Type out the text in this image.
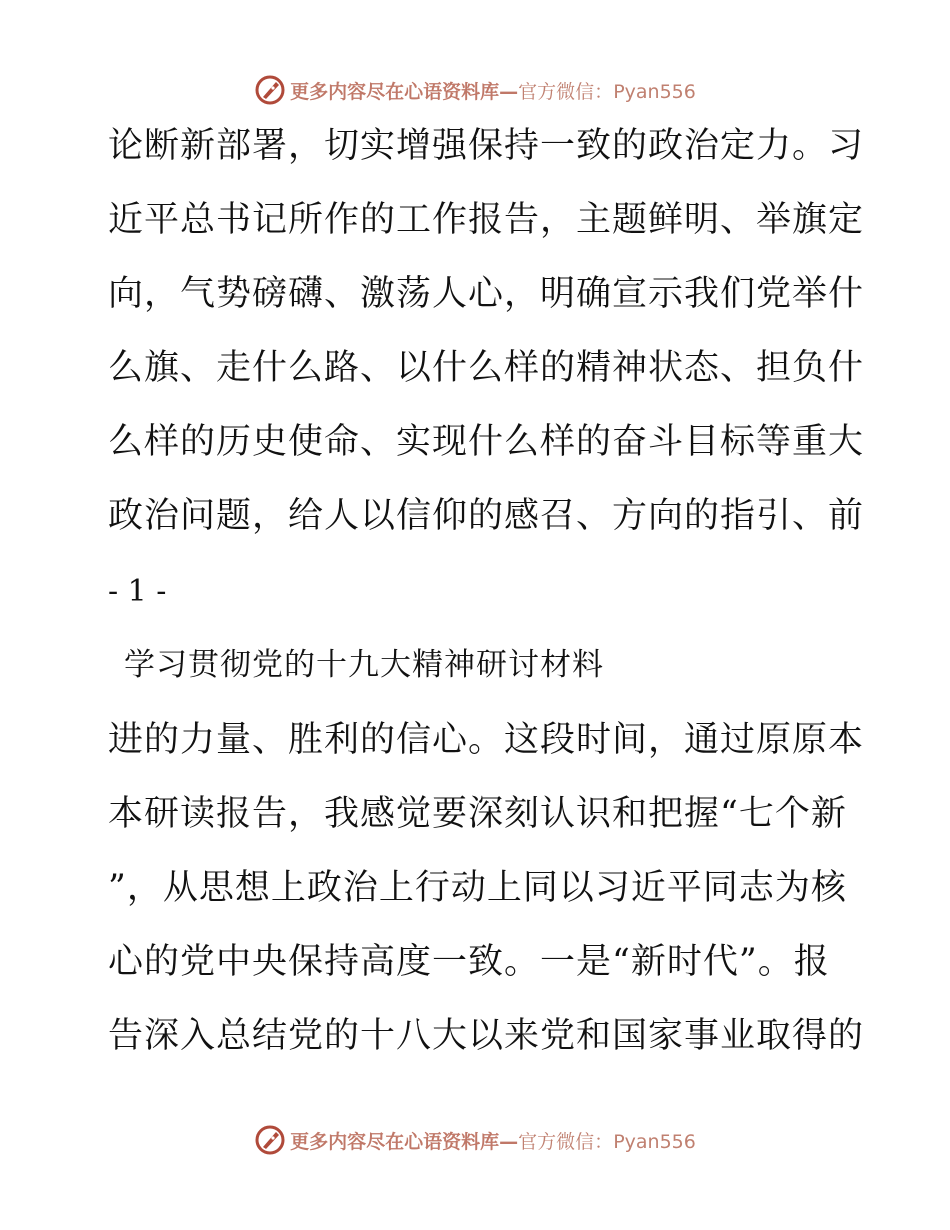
更多内容尽在心语资料库—官方微信：Pyan556
论断新部署，切实增强保持一致的政治定力。习
近平总书记所作的工作报告，主题鲜明、举旗定
向，气势磅礴、激荡人心，明确宣示我们党举什
么旗、走什么路、以什么样的精神状态、担负什
么样的历史使命、实现什么样的奋斗目标等重大
政治问题，给人以信仰的感召、方向的指引、前
- 1 -
学习贯彻党的十九大精神研讨材料
进的力量、胜利的信心。这段时间，通过原原本
本研读报告，我感觉要深刻认识和把握“七个新
”，从思想上政治上行动上同以习近平同志为核
心的党中央保持高度一致。一是“新时代”。报
告深入总结党的十八大以来党和国家事业取得的
更多内容尽在心语资料库—官方微信：Pyan556
